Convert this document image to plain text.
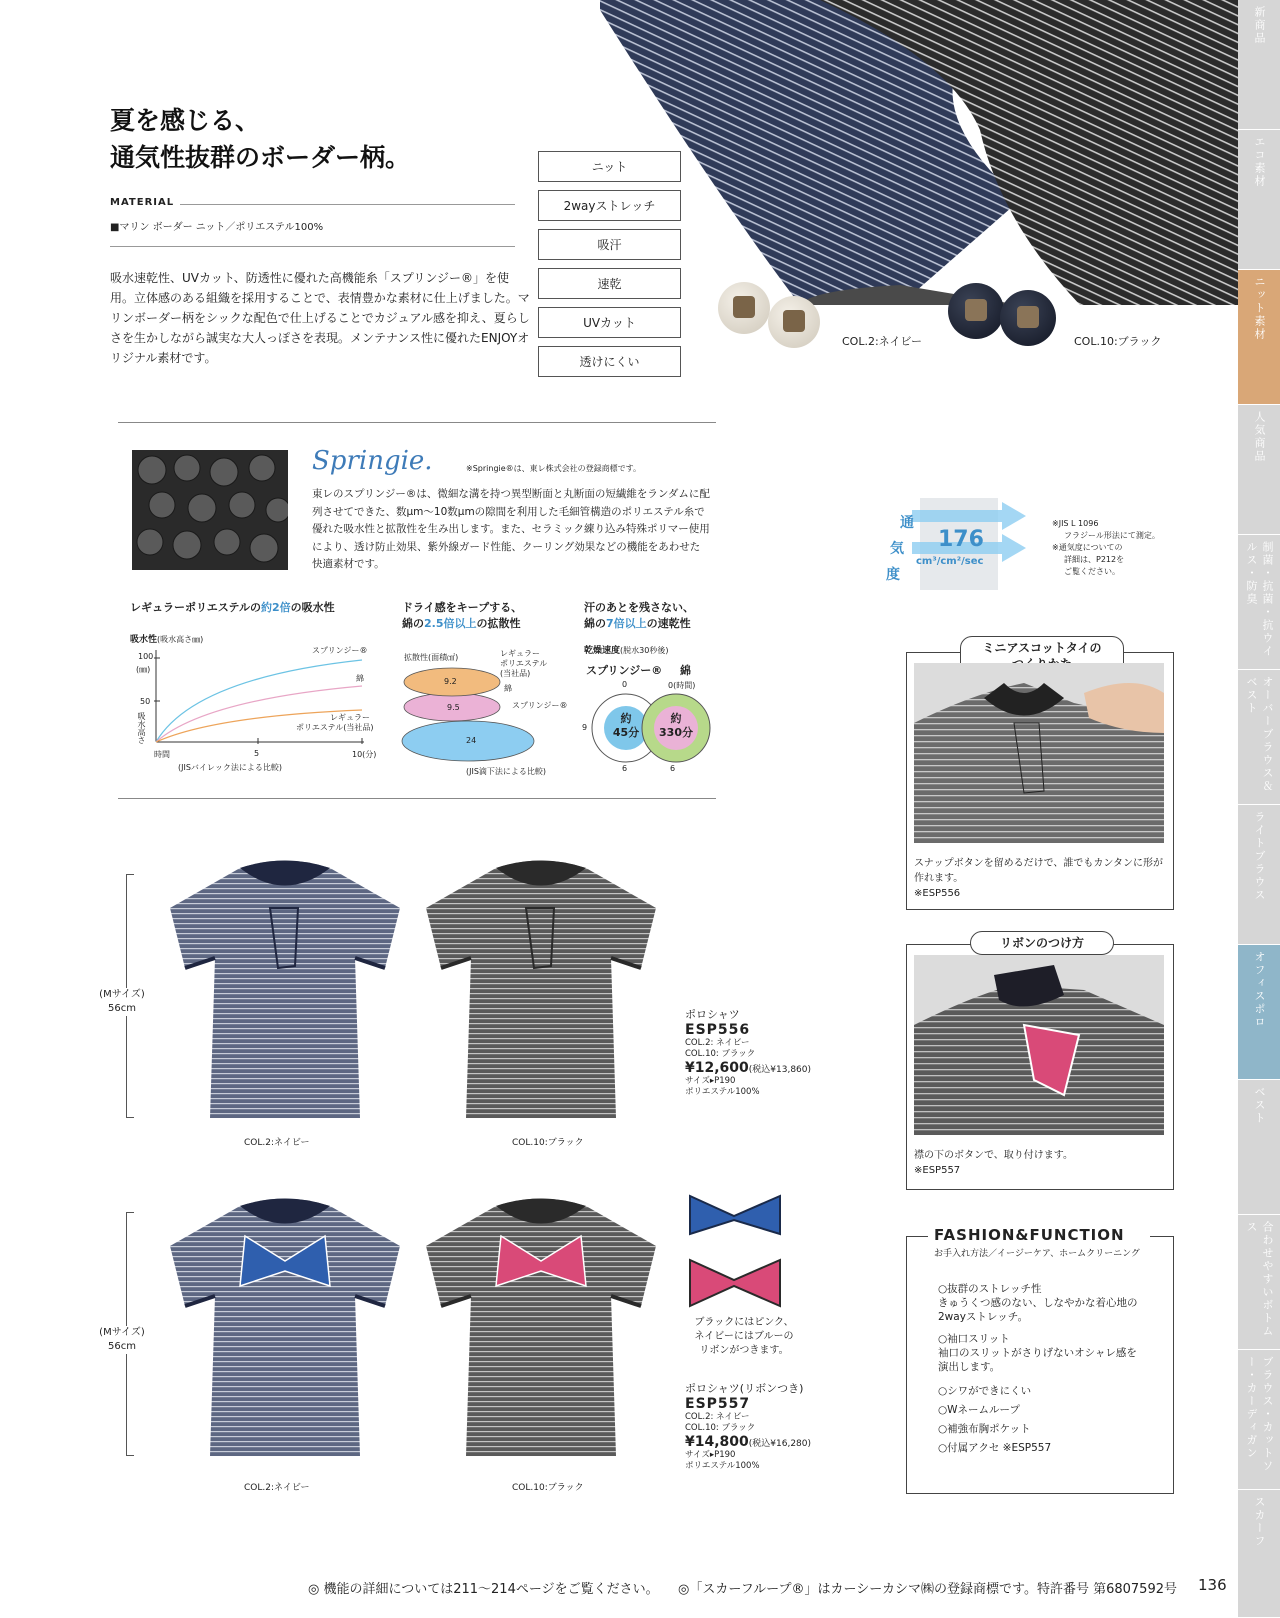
新商品
エコ素材
ニット素材
人気商品
制菌・抗菌・抗ウイルス・防臭
オーバーブラウス＆ベスト
ライトブラウス
オフィスポロ
ベスト
合わせやすいボトムス
ブラウス・カットソー・カーディガン
スカーフ
COL.2:ネイビー	COL.10:ブラック
夏を感じる、
通気性抜群のボーダー柄。
MATERIAL
■マリン ボーダー ニット／ポリエステル100%
吸水速乾性、UVカット、防透性に優れた高機能糸「スプリンジー®」を使用。立体感のある組織を採用することで、表情豊かな素材に仕上げました。マリンボーダー柄をシックな配色で仕上げることでカジュアル感を抑え、夏らしさを生かしながら誠実な大人っぽさを表現。メンテナンス性に優れたENJOYオリジナル素材です。
ニット
2wayストレッチ
吸汗
速乾
UVカット
透けにくい
Springie.	※Springie®は、東レ株式会社の登録商標です。
東レのスプリンジー®は、微細な溝を持つ異型断面と丸断面の短繊維をランダムに配列させてできた、数μm〜10数μmの隙間を利用した毛細管構造のポリエステル糸で優れた吸水性と拡散性を生み出します。また、セラミック練り込み特殊ポリマー使用により、透け防止効果、紫外線ガード性能、クーリング効果などの機能をあわせた快適素材です。
レギュラーポリエステルの約2倍の吸水性
吸水性(吸水高さ㎜)
100
(㎜)
50
吸水高さ
スプリンジー®
綿
レギュラー
ポリエステル(当社品)
時間	5	10(分)
(JISバイレック法による比較)
ドライ感をキープする、
綿の2.5倍以上の拡散性
拡散性(面積㎠)
9.2
9.5
24
レギュラー
ポリエステル
(当社品)
綿
スプリンジー®
(JIS滴下法による比較)
汗のあとを残さない、
綿の7倍以上の速乾性
乾燥速度(脱水30秒後)
スプリンジー® 綿
0	0(時間)
9
6	6
約
45分
約
330分
通
気
度
176
cm³/cm²/sec
※JIS L 1096
フラジール形法にて測定。
※通気度についての
詳細は、P212を
ご覧ください。
ミニアスコットタイの
スナップボタンを留めるだけで、誰でもカンタンに形が
作れます。
※ESP556
リボンのつけ方
襟の下のボタンで、取り付けます。
※ESP557
(Mサイズ)
56cm
(Mサイズ)
56cm
COL.2:ネイビー	COL.10:ブラック
ポロシャツ
ESP556
COL.2: ネイビー
COL.10: ブラック
¥12,600(税込¥13,860)
サイズ▸P190
ポリエステル100%
COL.2:ネイビー	COL.10:ブラック
ブラックにはピンク、
ネイビーにはブルーの
リボンがつきます。
ポロシャツ(リボンつき)
ESP557
COL.2: ネイビー
COL.10: ブラック
¥14,800(税込¥16,280)
サイズ▸P190
ポリエステル100%
FASHION&FUNCTION
お手入れ方法／イージーケア、ホームクリーニング
○抜群のストレッチ性
きゅうくつ感のない、しなやかな着心地の
2wayストレッチ。
○袖口スリット
袖口のスリットがさりげないオシャレ感を
演出します。
○シワができにくい
○Wネームループ
○補強布胸ポケット
○付属アクセ ※ESP557
◎ 機能の詳細については211〜214ページをご覧ください。 ◎「スカーフループ®」はカーシーカシマ㈱の登録商標です。特許番号 第6807592号 136
